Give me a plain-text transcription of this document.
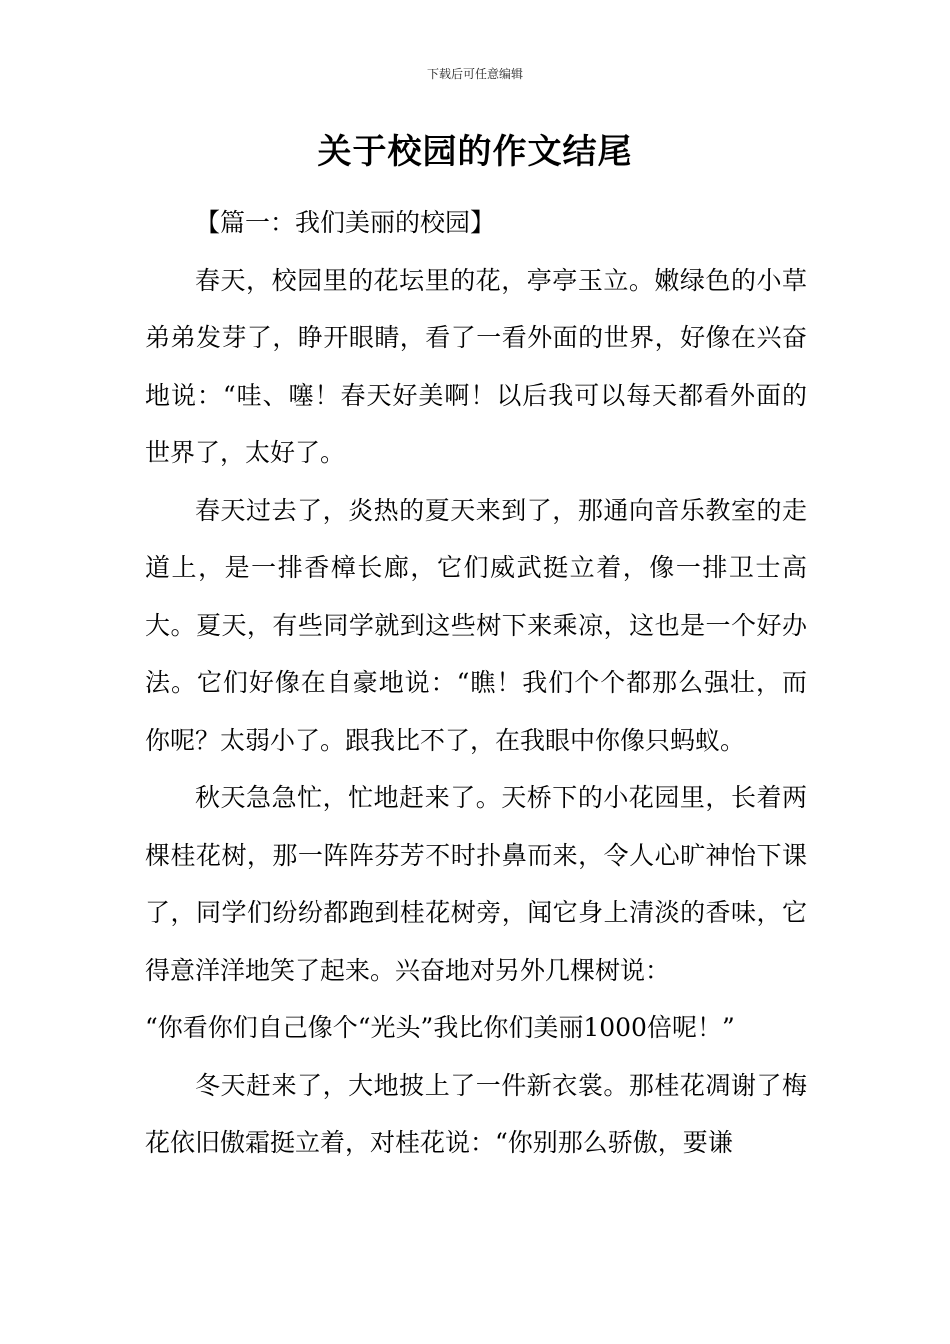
下载后可任意编辑
关于校园的作文结尾

【篇一：我们美丽的校园】

春天，校园里的花坛里的花，亭亭玉立。嫩绿色的小草弟弟发芽了，睁开眼睛，看了一看外面的世界，好像在兴奋地说：“哇、噻！春天好美啊！以后我可以每天都看外面的世界了，太好了。

春天过去了，炎热的夏天来到了，那通向音乐教室的走道上，是一排香樟长廊，它们威武挺立着，像一排卫士高大。夏天，有些同学就到这些树下来乘凉，这也是一个好办法。它们好像在自豪地说：“瞧！我们个个都那么强壮，而你呢？太弱小了。跟我比不了，在我眼中你像只蚂蚁。

秋天急急忙，忙地赶来了。天桥下的小花园里，长着两棵桂花树，那一阵阵芬芳不时扑鼻而来，令人心旷神怡下课了，同学们纷纷都跑到桂花树旁，闻它身上清淡的香味，它得意洋洋地笑了起来。兴奋地对另外几棵树说：

“你看你们自己像个“光头”我比你们美丽1000倍呢！”

冬天赶来了，大地披上了一件新衣裳。那桂花凋谢了梅花依旧傲霜挺立着，对桂花说：“你别那么骄傲，要谦
